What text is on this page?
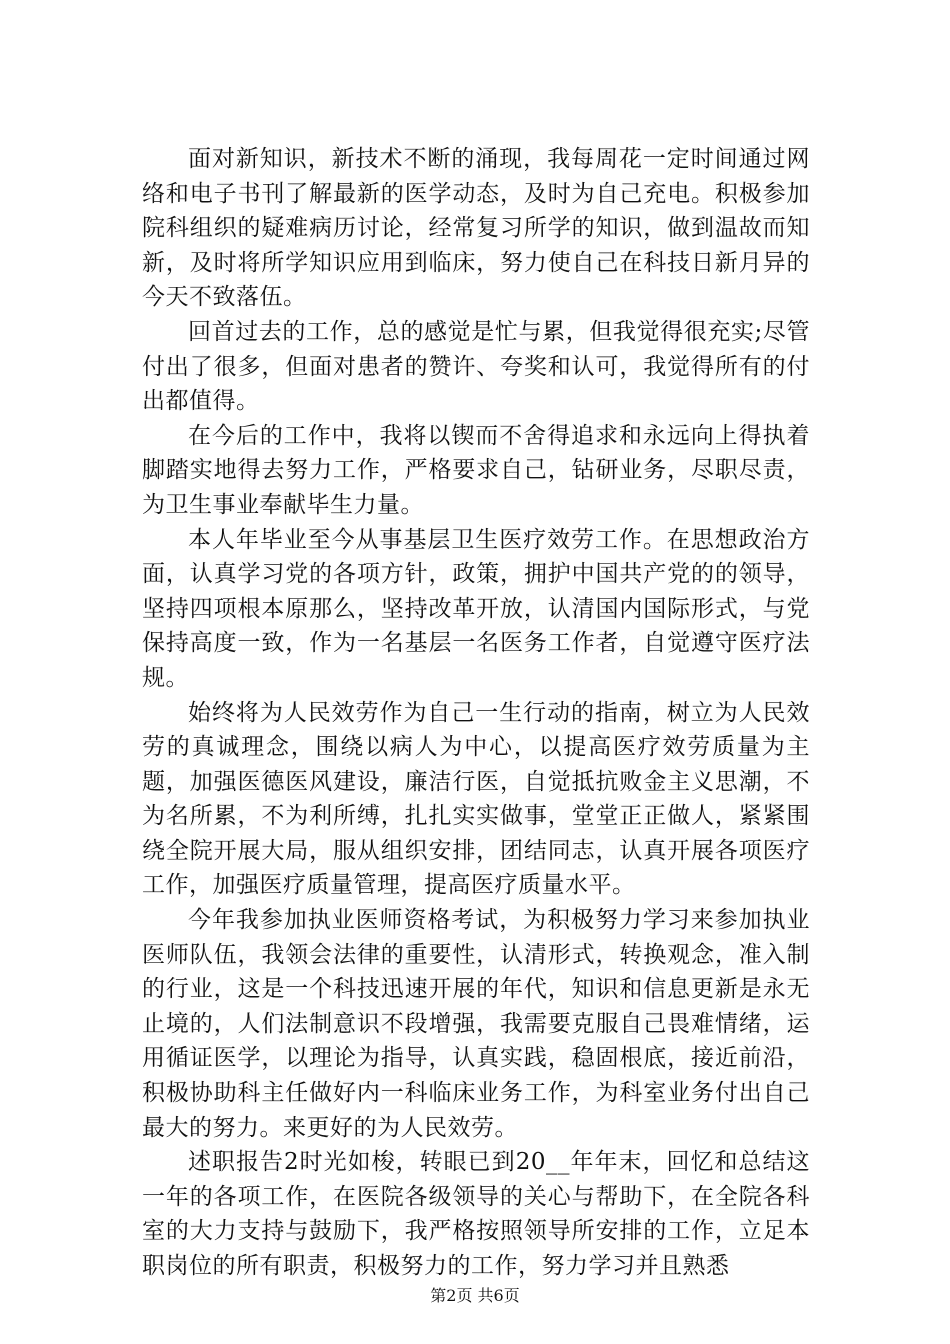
面对新知识，新技术不断的涌现，我每周花一定时间通过网络和电子书刊了解最新的医学动态，及时为自己充电。积极参加院科组织的疑难病历讨论，经常复习所学的知识，做到温故而知新，及时将所学知识应用到临床，努力使自己在科技日新月异的今天不致落伍。

回首过去的工作，总的感觉是忙与累，但我觉得很充实;尽管付出了很多，但面对患者的赞许、夸奖和认可，我觉得所有的付出都值得。

在今后的工作中，我将以锲而不舍得追求和永远向上得执着脚踏实地得去努力工作，严格要求自己，钻研业务，尽职尽责，为卫生事业奉献毕生力量。

本人年毕业至今从事基层卫生医疗效劳工作。在思想政治方面，认真学习党的各项方针，政策，拥护中国共产党的的领导，坚持四项根本原那么，坚持改革开放，认清国内国际形式，与党保持高度一致，作为一名基层一名医务工作者，自觉遵守医疗法规。

始终将为人民效劳作为自己一生行动的指南，树立为人民效劳的真诚理念，围绕以病人为中心，以提高医疗效劳质量为主题，加强医德医风建设，廉洁行医，自觉抵抗败金主义思潮，不为名所累，不为利所缚，扎扎实实做事，堂堂正正做人，紧紧围绕全院开展大局，服从组织安排，团结同志，认真开展各项医疗工作，加强医疗质量管理，提高医疗质量水平。

今年我参加执业医师资格考试，为积极努力学习来参加执业医师队伍，我领会法律的重要性，认清形式，转换观念，准入制的行业，这是一个科技迅速开展的年代，知识和信息更新是永无止境的，人们法制意识不段增强，我需要克服自己畏难情绪，运用循证医学，以理论为指导，认真实践，稳固根底，接近前沿，积极协助科主任做好内一科临床业务工作，为科室业务付出自己最大的努力。来更好的为人民效劳。

述职报告2时光如梭，转眼已到20__年年末，回忆和总结这一年的各项工作，在医院各级领导的关心与帮助下，在全院各科室的大力支持与鼓励下，我严格按照领导所安排的工作，立足本职岗位的所有职责，积极努力的工作，努力学习并且熟悉

第2页 共6页
